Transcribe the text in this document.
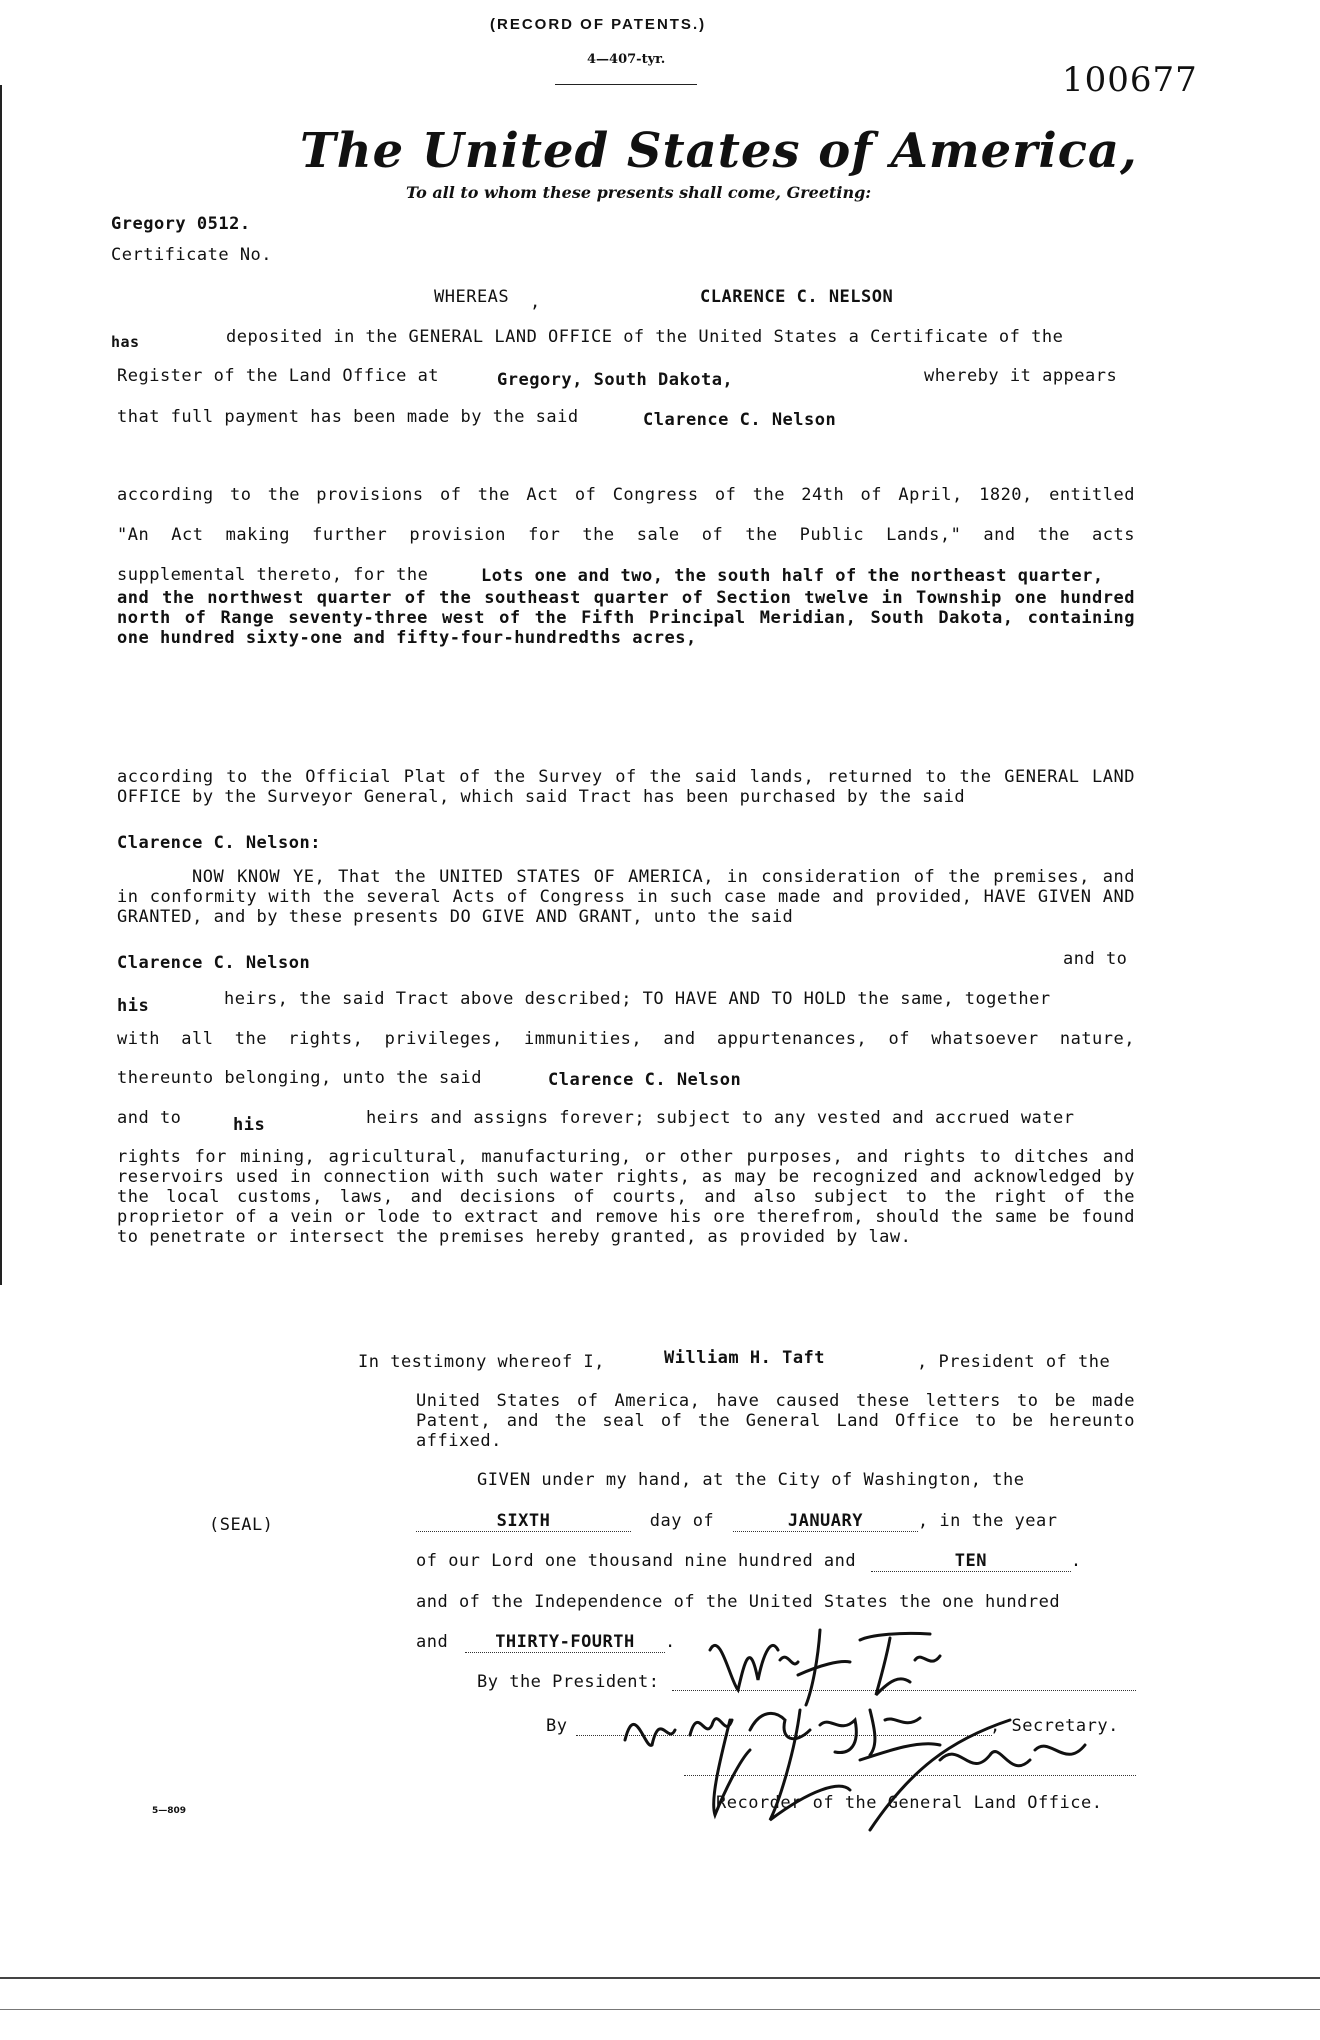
(RECORD OF PATENTS.)
4—407-tyr.
100677
The United States of America,
To all to whom these presents shall come, Greeting:
Gregory 0512.
Certificate No.
WHEREAS ,	CLARENCE C. NELSON
has	deposited in the GENERAL LAND OFFICE of the United States a Certificate of the
Register of the Land Office at	Gregory, South Dakota,	whereby it appears
that full payment has been made by the said	Clarence C. Nelson
according to the provisions of the Act of Congress of the 24th of April, 1820, entitled
"An Act making further provision for the sale of the Public Lands," and the acts
supplemental thereto, for the	Lots one and two, the south half of the northeast quarter,
and the northwest quarter of the southeast quarter of Section twelve in Township one hundred north of Range seventy-three west of the Fifth Principal Meridian, South Dakota, containing one hundred sixty-one and fifty-four-hundredths acres,
according to the Official Plat of the Survey of the said lands, returned to the GENERAL LAND OFFICE by the Surveyor General, which said Tract has been purchased by the said
Clarence C. Nelson:
NOW KNOW YE, That the UNITED STATES OF AMERICA, in consideration of the premises, and in conformity with the several Acts of Congress in such case made and provided, HAVE GIVEN AND GRANTED, and by these presents DO GIVE AND GRANT, unto the said
Clarence C. Nelson	and to
his	heirs, the said Tract above described; TO HAVE AND TO HOLD the same, together
with all the rights, privileges, immunities, and appurtenances, of whatsoever nature,
thereunto belonging, unto the said	Clarence C. Nelson
and to	his	heirs and assigns forever; subject to any vested and accrued water
rights for mining, agricultural, manufacturing, or other purposes, and rights to ditches and reservoirs used in connection with such water rights, as may be recognized and acknowledged by the local customs, laws, and decisions of courts, and also subject to the right of the proprietor of a vein or lode to extract and remove his ore therefrom, should the same be found to penetrate or intersect the premises hereby granted, as provided by law.
In testimony whereof I,	William H. Taft	, President of the
United States of America, have caused these letters to be made Patent, and the seal of the General Land Office to be hereunto affixed.
GIVEN under my hand, at the City of Washington, the
(SEAL)	SIXTH	day of	JANUARY	, in the year
of our Lord one thousand nine hundred and	TEN	.
and of the Independence of the United States the one hundred
and	THIRTY-FOURTH .
By the President:
By	, Secretary.
Recorder of the General Land Office.
5—809
